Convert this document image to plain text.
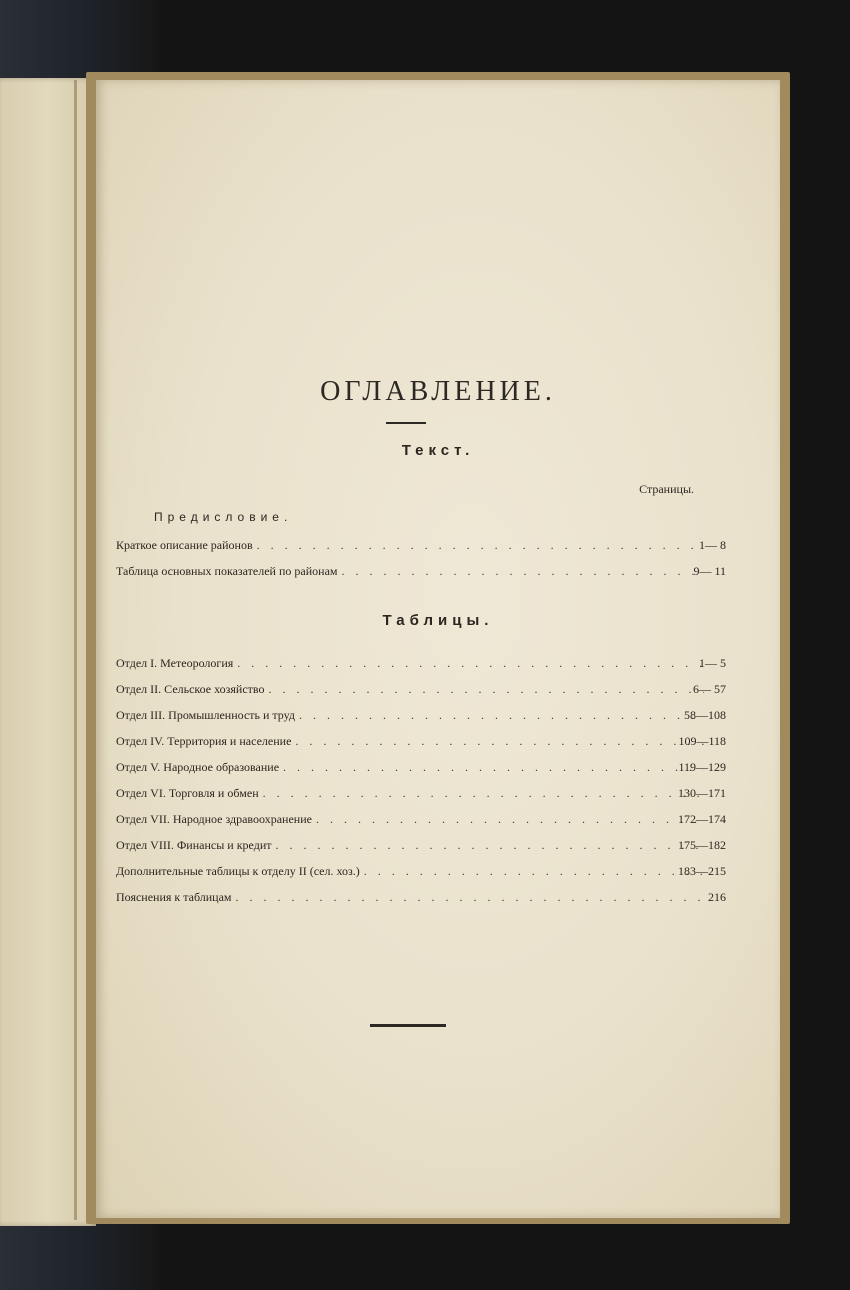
ОГЛАВЛЕНИЕ.
Текст.
Страницы.
Предисловие.
Краткое описание районов . . .	1— 8
Таблица основных показателей по районам . . .	9— 11
Таблицы.
Отдел I. Метеорология . . .	1— 5
Отдел II. Сельское хозяйство . . .	6— 57
Отдел III. Промышленность и труд . . .	58—108
Отдел IV. Территория и население . . .	109—118
Отдел V. Народное образование . . .	119—129
Отдел VI. Торговля и обмен . . .	130—171
Отдел VII. Народное здравоохранение . . .	172—174
Отдел VIII. Финансы и кредит . . .	175—182
Дополнительные таблицы к отделу II (сел. хоз.) . . .	183—215
Пояснения к таблицам . . .	216
